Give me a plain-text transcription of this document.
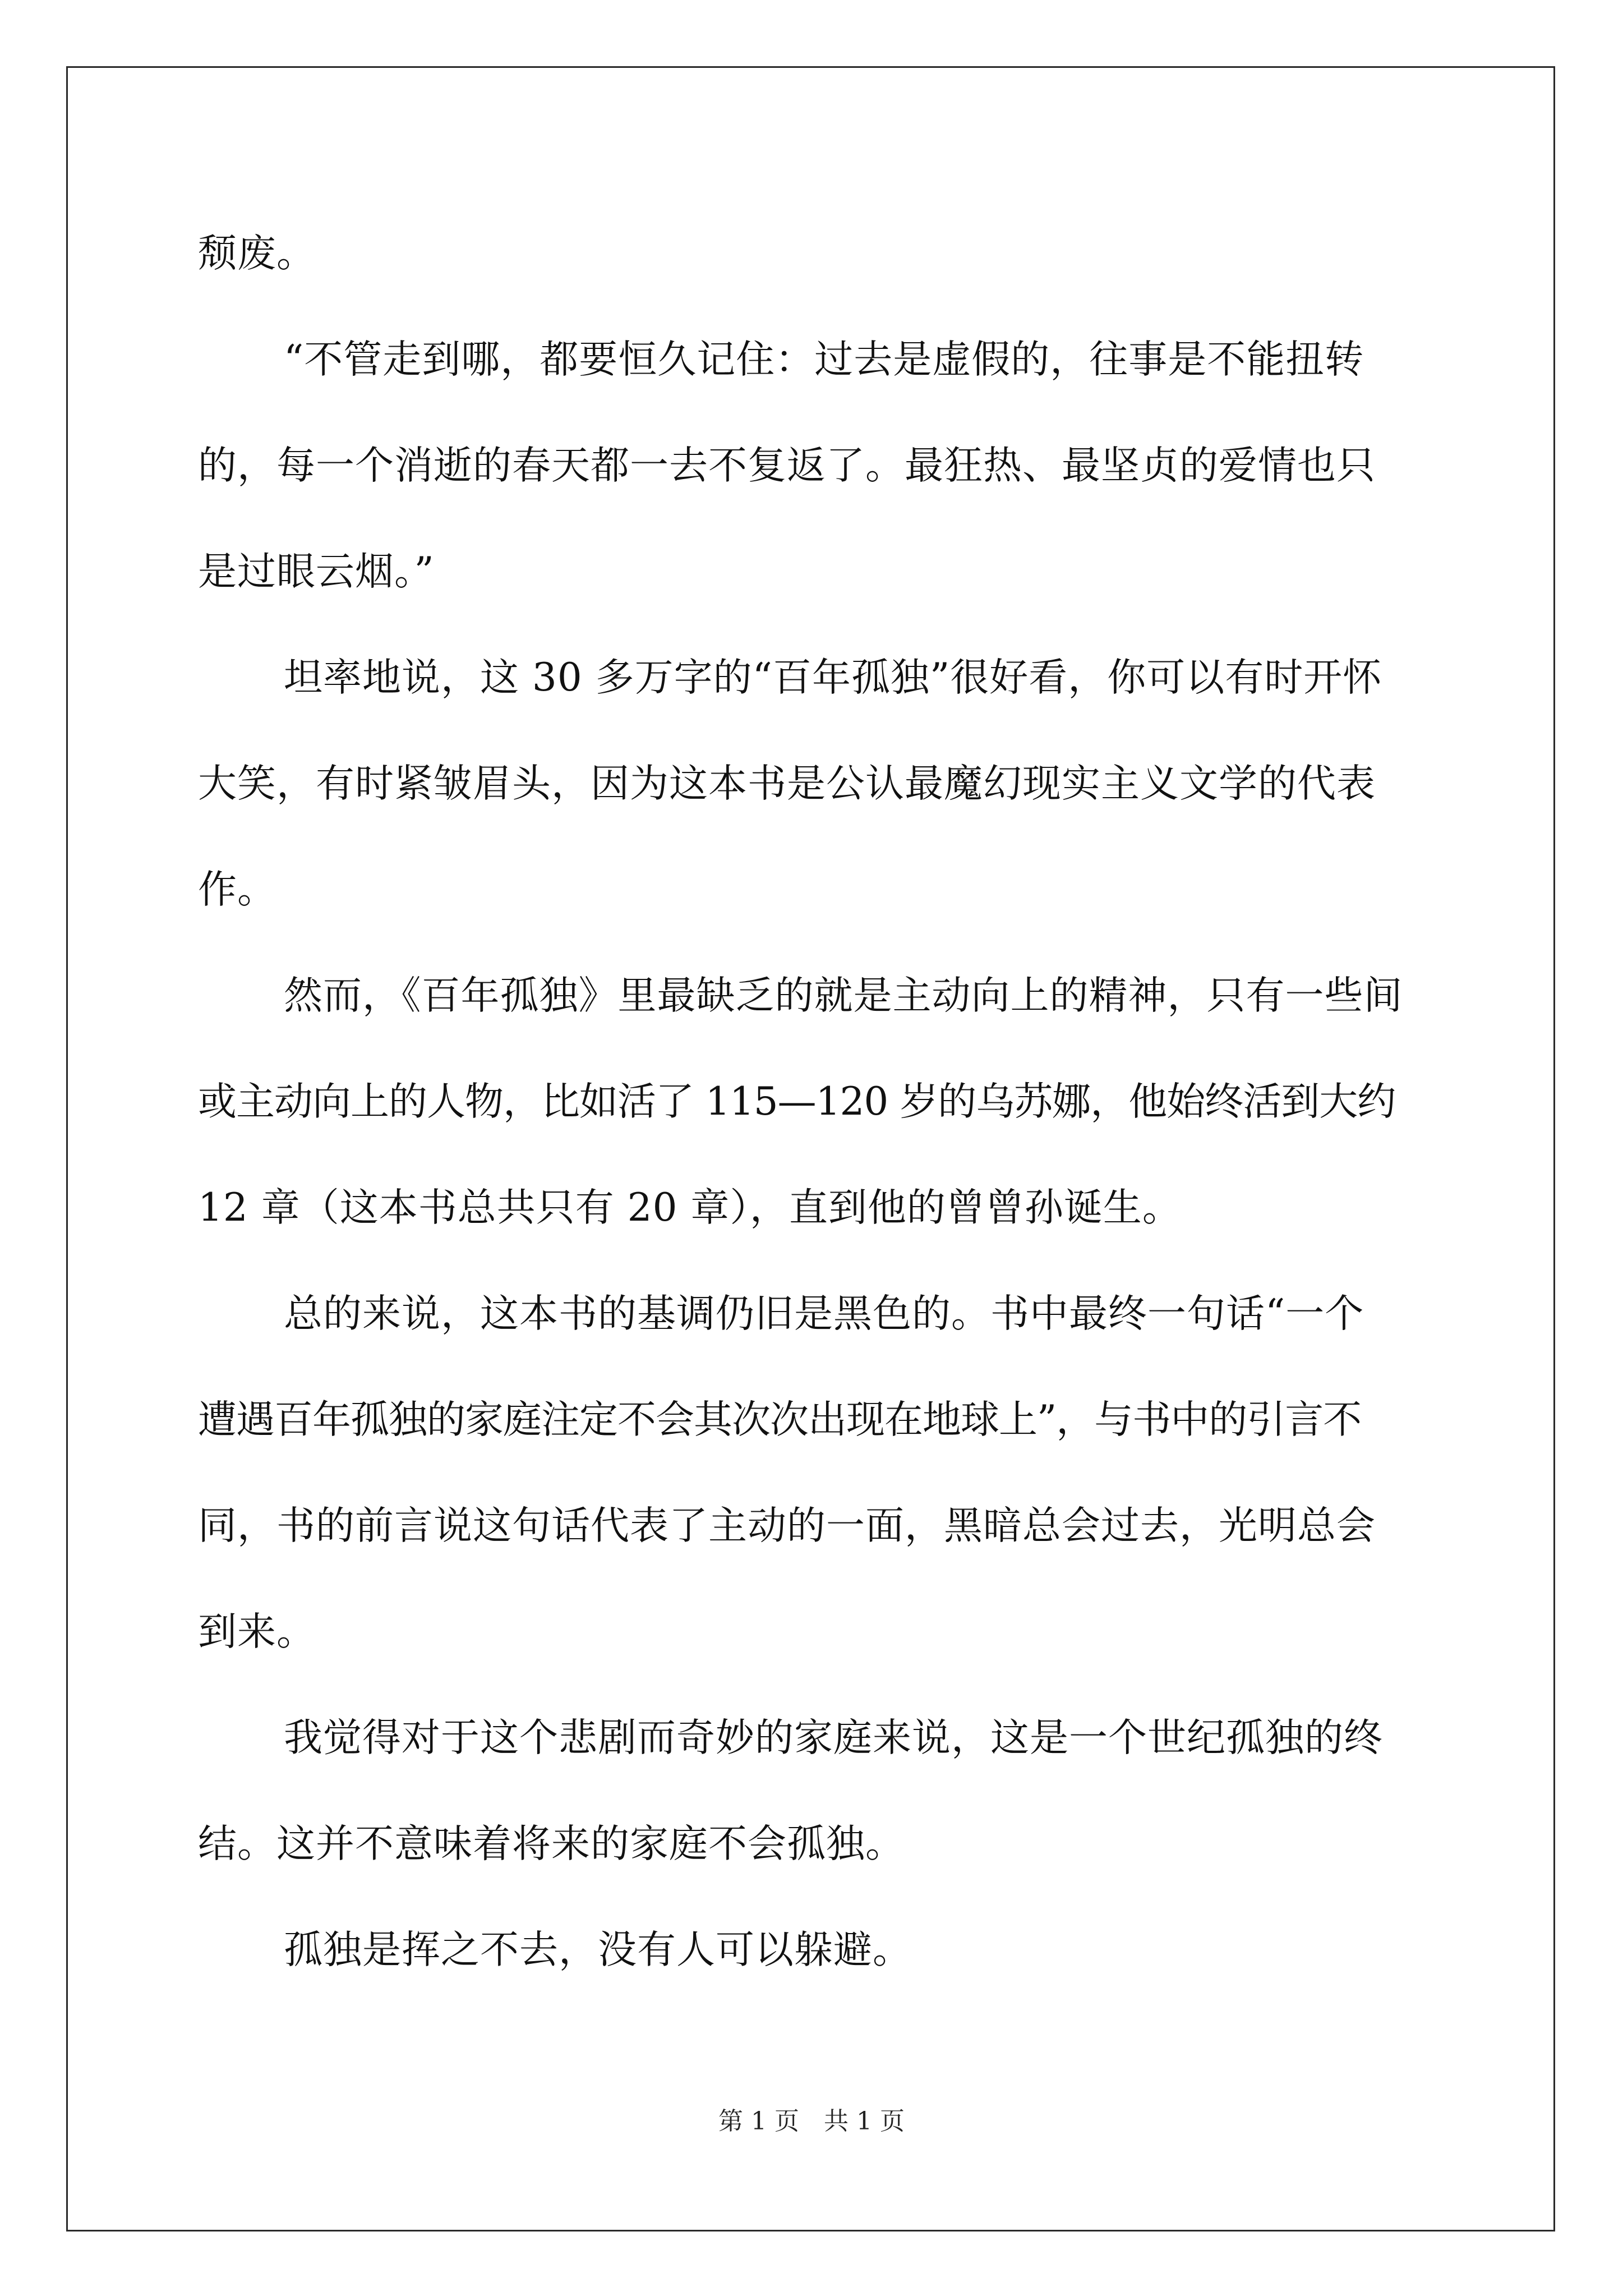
颓废。
“不管走到哪，都要恒久记住：过去是虚假的，往事是不能扭转
的，每一个消逝的春天都一去不复返了。最狂热、最坚贞的爱情也只
是过眼云烟。”
坦率地说，这 30 多万字的“百年孤独”很好看，你可以有时开怀
大笑，有时紧皱眉头，因为这本书是公认最魔幻现实主义文学的代表
作。
然而，《百年孤独》里最缺乏的就是主动向上的精神，只有一些间
或主动向上的人物，比如活了 115—120 岁的乌苏娜，他始终活到大约
12 章（这本书总共只有 20 章），直到他的曾曾孙诞生。
总的来说，这本书的基调仍旧是黑色的。书中最终一句话“一个
遭遇百年孤独的家庭注定不会其次次出现在地球上”，与书中的引言不
同，书的前言说这句话代表了主动的一面，黑暗总会过去，光明总会
到来。
我觉得对于这个悲剧而奇妙的家庭来说，这是一个世纪孤独的终
结。这并不意味着将来的家庭不会孤独。
孤独是挥之不去，没有人可以躲避。
第 1 页　共 1 页
